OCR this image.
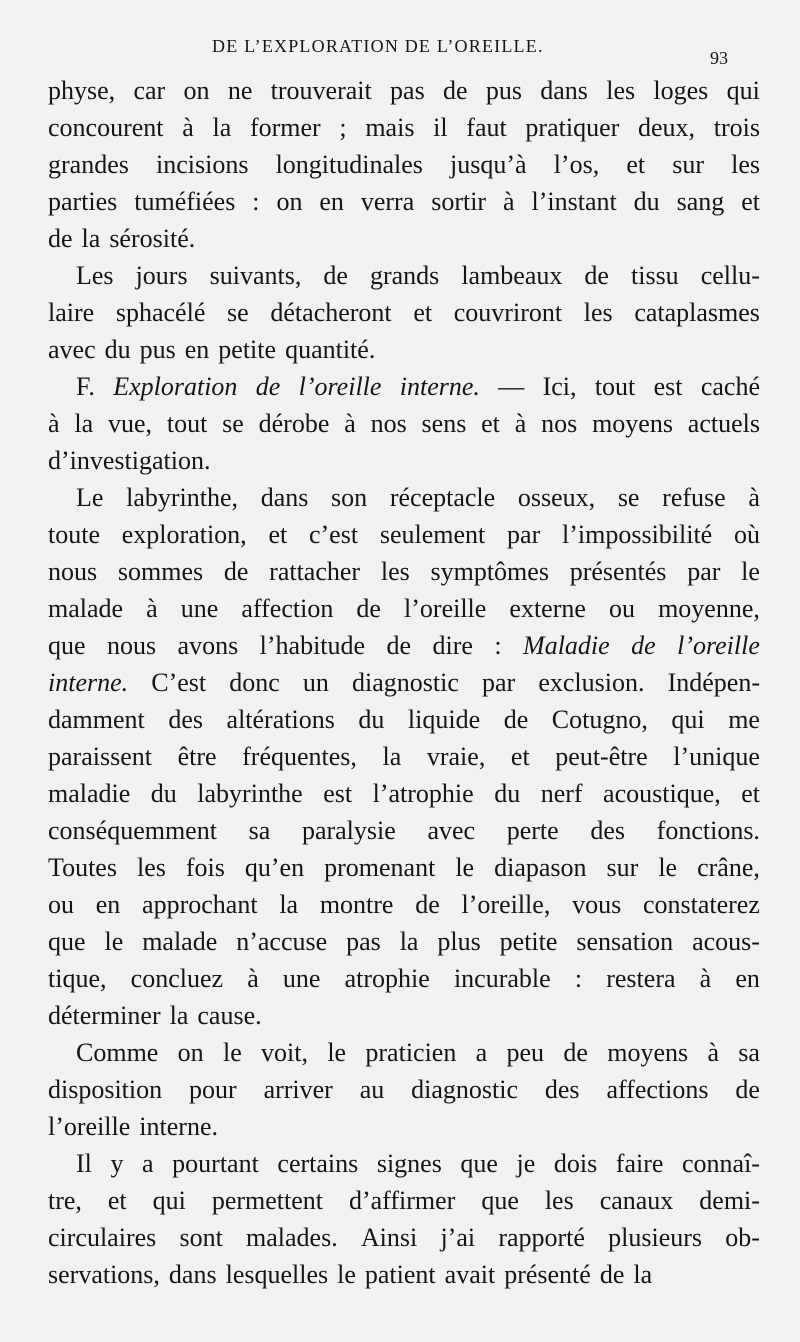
DE L’EXPLORATION DE L’OREILLE.
93
physe, car on ne trouverait pas de pus dans les loges qui
concourent à la former ; mais il faut pratiquer deux, trois
grandes incisions longitudinales jusqu’à l’os, et sur les
parties tuméfiées : on en verra sortir à l’instant du sang et
de la sérosité.
Les jours suivants, de grands lambeaux de tissu cellu-
laire sphacélé se détacheront et couvriront les cataplasmes
avec du pus en petite quantité.
F. Exploration de l’oreille interne. — Ici, tout est caché
à la vue, tout se dérobe à nos sens et à nos moyens actuels
d’investigation.
Le labyrinthe, dans son réceptacle osseux, se refuse à
toute exploration, et c’est seulement par l’impossibilité où
nous sommes de rattacher les symptômes présentés par le
malade à une affection de l’oreille externe ou moyenne,
que nous avons l’habitude de dire : Maladie de l’oreille
interne. C’est donc un diagnostic par exclusion. Indépen-
damment des altérations du liquide de Cotugno, qui me
paraissent être fréquentes, la vraie, et peut-être l’unique
maladie du labyrinthe est l’atrophie du nerf acoustique, et
conséquemment sa paralysie avec perte des fonctions.
Toutes les fois qu’en promenant le diapason sur le crâne,
ou en approchant la montre de l’oreille, vous constaterez
que le malade n’accuse pas la plus petite sensation acous-
tique, concluez à une atrophie incurable : restera à en
déterminer la cause.
Comme on le voit, le praticien a peu de moyens à sa
disposition pour arriver au diagnostic des affections de
l’oreille interne.
Il y a pourtant certains signes que je dois faire connaî-
tre, et qui permettent d’affirmer que les canaux demi-
circulaires sont malades. Ainsi j’ai rapporté plusieurs ob-
servations, dans lesquelles le patient avait présenté de la
